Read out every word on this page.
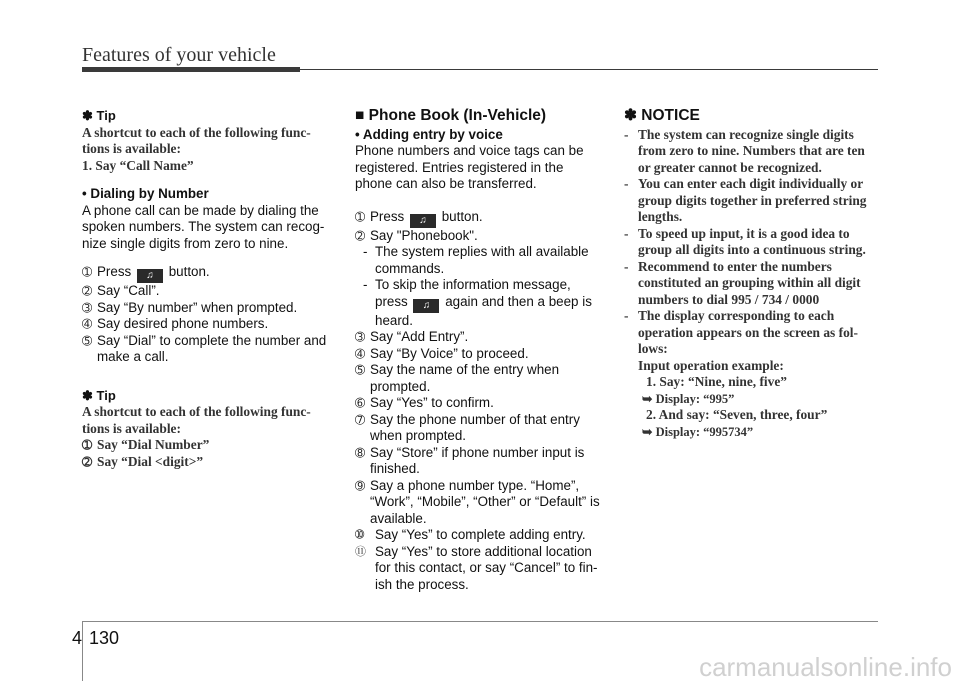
Features of your vehicle

✽ Tip

A shortcut to each of the following func-

tions is available:

1. Say “Call Name”

• Dialing by Number

A phone call can be made by dialing the

spoken numbers. The system can recog-

nize single digits from zero to nine.

➀ Press ♫ button.
➁ Say “Call”.
➂ Say “By number” when prompted.
➃ Say desired phone numbers.
➄ Say “Dial” to complete the number and make a call.

✽ Tip

A shortcut to each of the following func-

tions is available:

➀ Say “Dial Number”
➁ Say “Dial <digit>”

■ Phone Book (In-Vehicle)

• Adding entry by voice

Phone numbers and voice tags can be

registered. Entries registered in the

phone can also be transferred.

➀ Press ♫ button.
➁ Say "Phonebook".
- The system replies with all available commands.
- To skip the information message, press ♫ again and then a beep is heard.
➂ Say “Add Entry”.
➃ Say “By Voice” to proceed.
➄ Say the name of the entry when prompted.
➅ Say “Yes” to confirm.
➆ Say the phone number of that entry when prompted.
➇ Say “Store” if phone number input is finished.
➈ Say a phone number type. “Home”, “Work”, “Mobile”, “Other” or “Default” is available.
➉ Say “Yes” to complete adding entry.
⑪ Say “Yes” to store additional location for this contact, or say “Cancel” to fin-ish the process.

✽ NOTICE

- The system can recognize single digits from zero to nine. Numbers that are ten or greater cannot be recognized.
- You can enter each digit individually or group digits together in preferred string lengths.
- To speed up input, it is a good idea to group all digits into a continuous string.
- Recommend to enter the numbers constituted an grouping within all digit numbers to dial 995 / 734 / 0000
- The display corresponding to each operation appears on the screen as fol-lows:

Input operation example:

1. Say: “Nine, nine, five”

➥ Display: “995”

2. And say: “Seven, three, four”

➥ Display: “995734”

4 130
carmanualsonline.info
